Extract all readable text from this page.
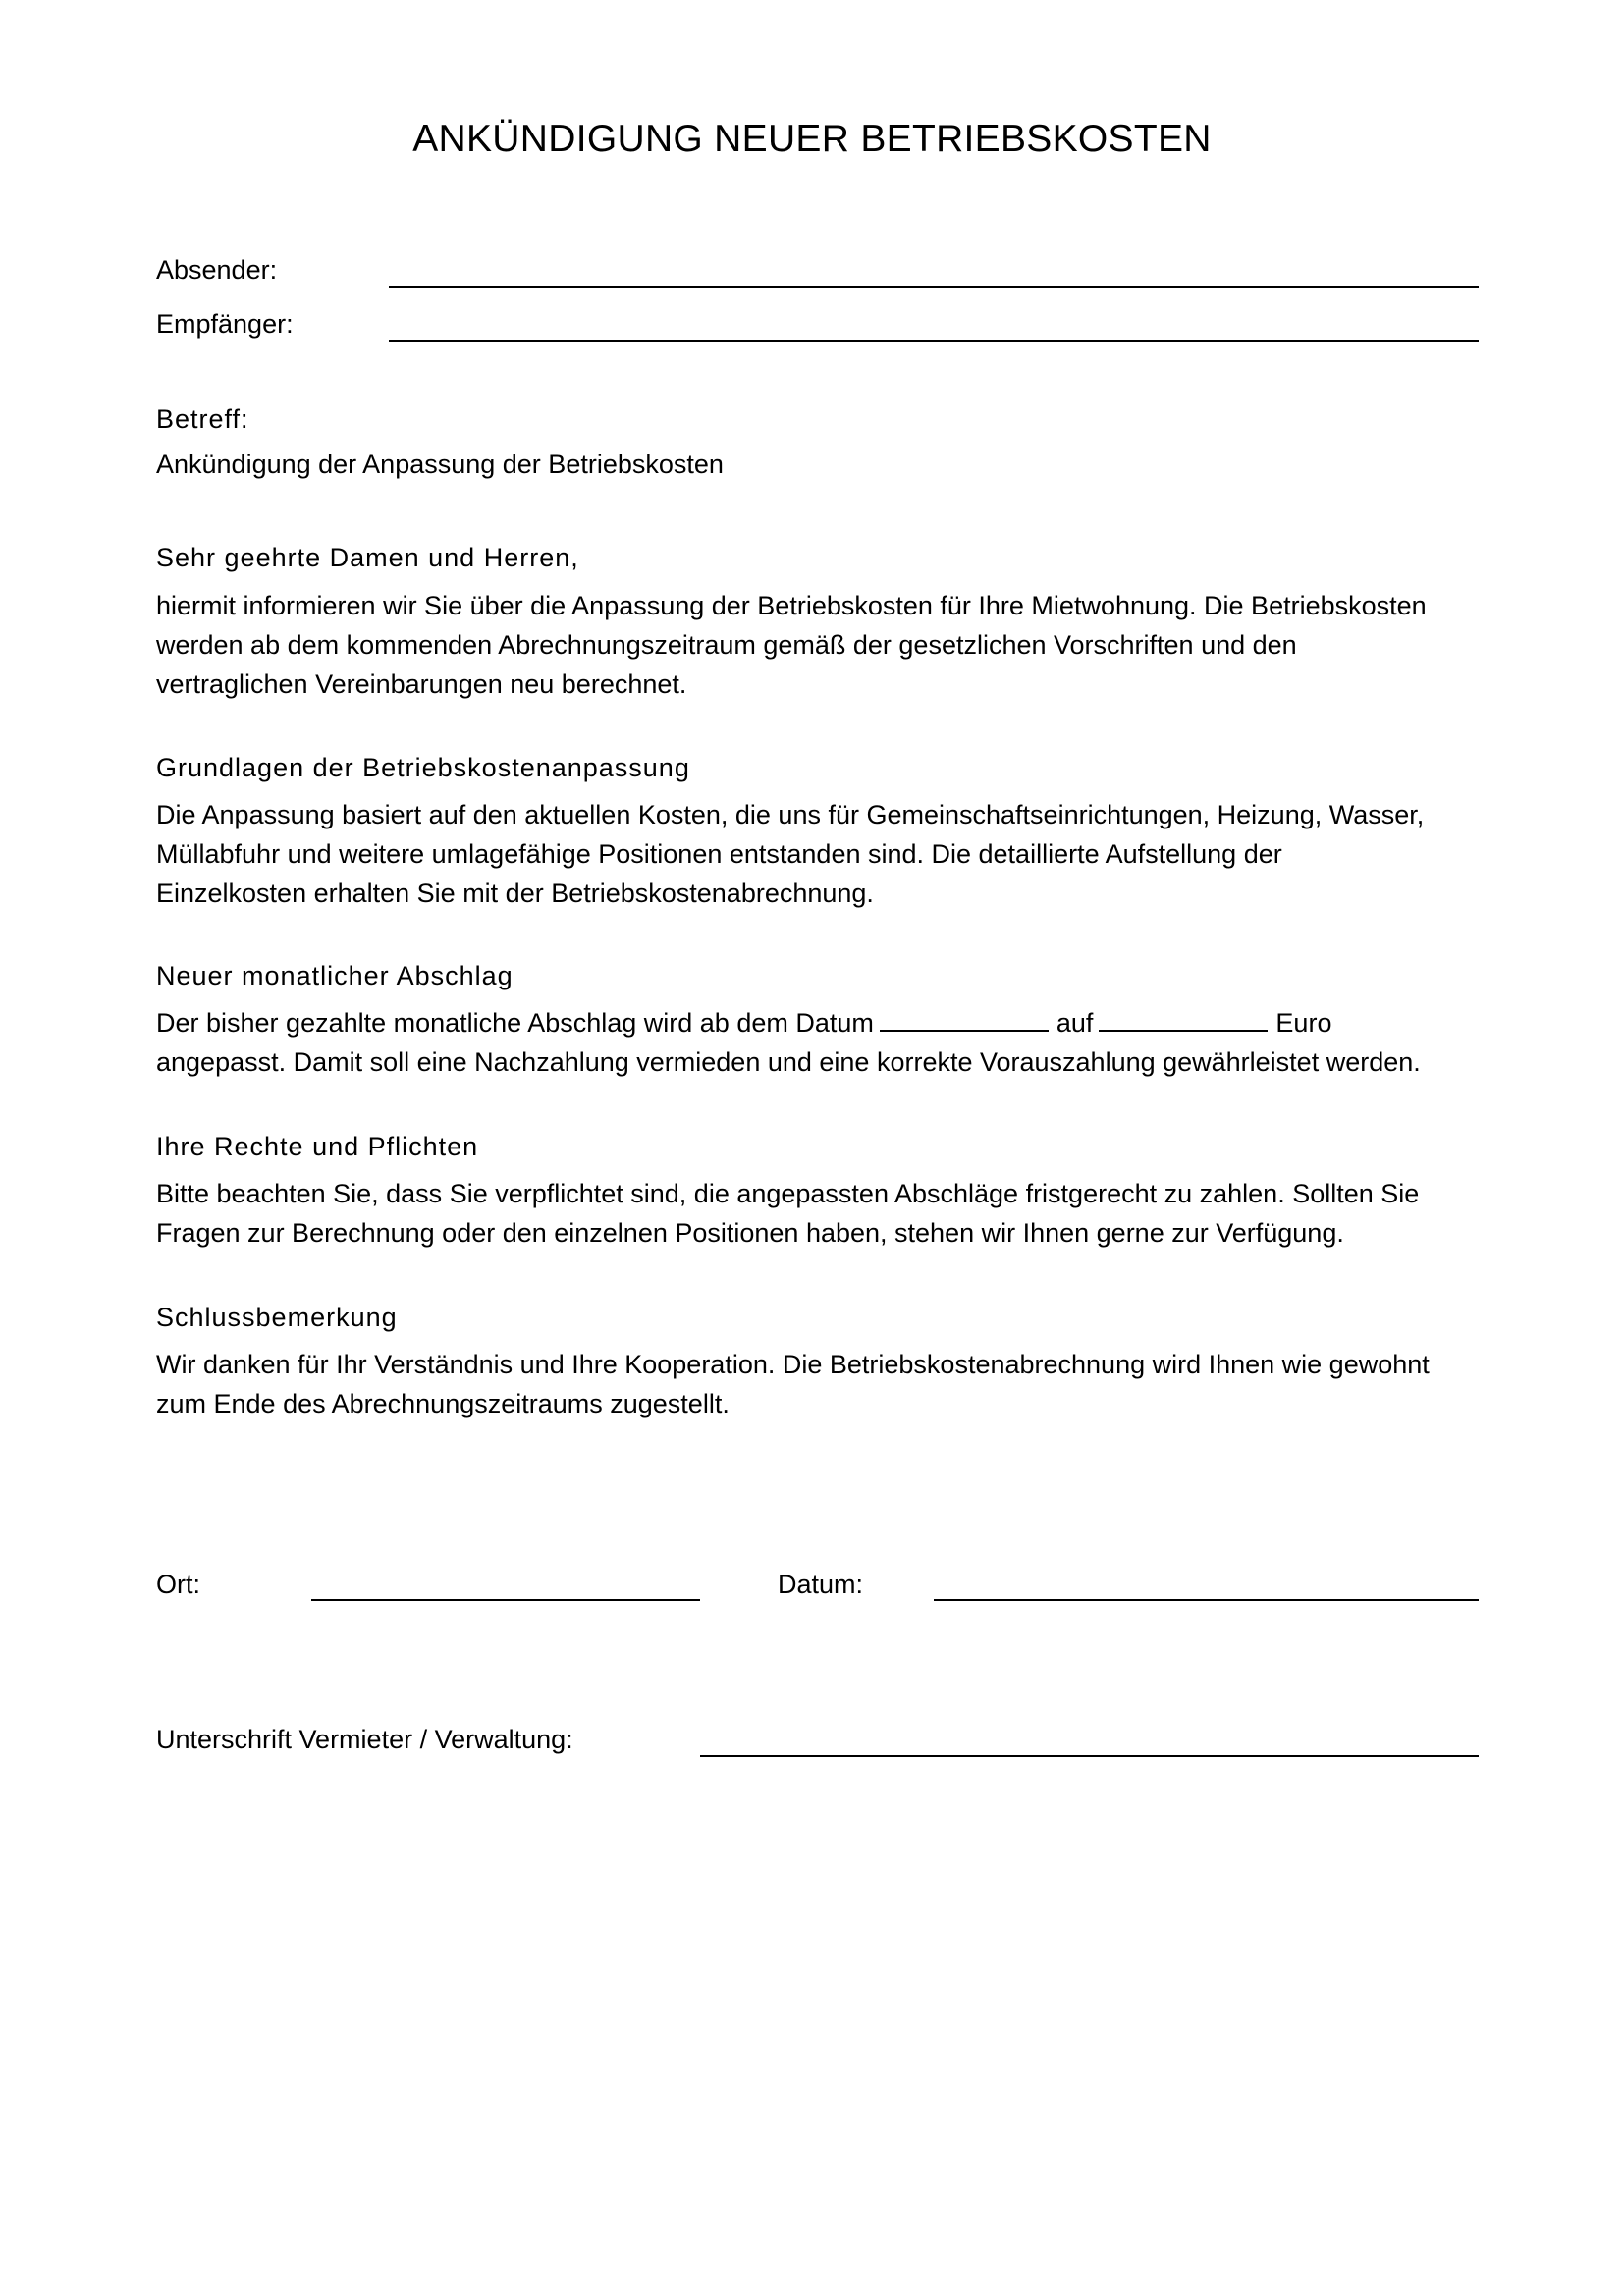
ANKÜNDIGUNG NEUER BETRIEBSKOSTEN
Absender:
Empfänger:
Betreff:
Ankündigung der Anpassung der Betriebskosten
Sehr geehrte Damen und Herren,
hiermit informieren wir Sie über die Anpassung der Betriebskosten für Ihre Mietwohnung. Die Betriebskosten
werden ab dem kommenden Abrechnungszeitraum gemäß der gesetzlichen Vorschriften und den
vertraglichen Vereinbarungen neu berechnet.
Grundlagen der Betriebskostenanpassung
Die Anpassung basiert auf den aktuellen Kosten, die uns für Gemeinschaftseinrichtungen, Heizung, Wasser,
Müllabfuhr und weitere umlagefähige Positionen entstanden sind. Die detaillierte Aufstellung der
Einzelkosten erhalten Sie mit der Betriebskostenabrechnung.
Neuer monatlicher Abschlag
Der bisher gezahlte monatliche Abschlag wird ab dem Datum	auf	Euro
angepasst. Damit soll eine Nachzahlung vermieden und eine korrekte Vorauszahlung gewährleistet werden.
Ihre Rechte und Pflichten
Bitte beachten Sie, dass Sie verpflichtet sind, die angepassten Abschläge fristgerecht zu zahlen. Sollten Sie
Fragen zur Berechnung oder den einzelnen Positionen haben, stehen wir Ihnen gerne zur Verfügung.
Schlussbemerkung
Wir danken für Ihr Verständnis und Ihre Kooperation. Die Betriebskostenabrechnung wird Ihnen wie gewohnt
zum Ende des Abrechnungszeitraums zugestellt.
Ort:	Datum:
Unterschrift Vermieter / Verwaltung:
